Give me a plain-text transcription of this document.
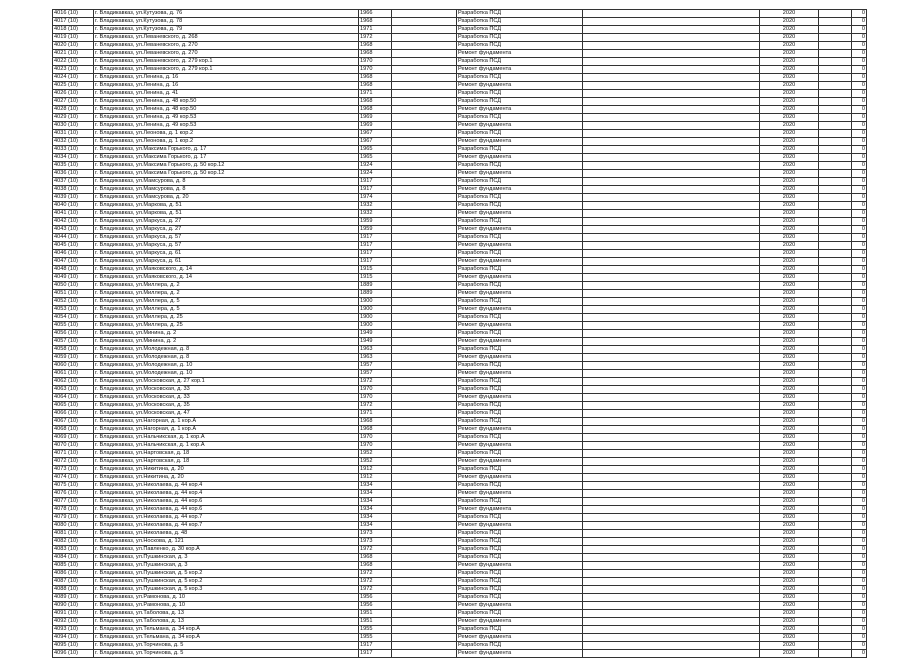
4016 (10)	г. Владикавказ, ул.Кутузова, д. 76	1966		Разработка ПСД		2020		0
4017 (10)	г. Владикавказ, ул.Кутузова, д. 78	1968		Разработка ПСД		2020		0
4018 (10)	г. Владикавказ, ул.Кутузова, д. 79	1971		Разработка ПСД		2020		0
4019 (10)	г. Владикавказ, ул.Леваневского, д. 268	1972		Разработка ПСД		2020		0
4020 (10)	г. Владикавказ, ул.Леваневского, д. 270	1968		Разработка ПСД		2020		0
4021 (10)	г. Владикавказ, ул.Леваневского, д. 270	1968		Ремонт фундамента		2020		0
4022 (10)	г. Владикавказ, ул.Леваневского, д. 279 кор.1	1970		Разработка ПСД		2020		0
4023 (10)	г. Владикавказ, ул.Леваневского, д. 279 кор.1	1970		Ремонт фундамента		2020		0
4024 (10)	г. Владикавказ, ул.Ленина, д. 16	1968		Разработка ПСД		2020		0
4025 (10)	г. Владикавказ, ул.Ленина, д. 16	1968		Ремонт фундамента		2020		0
4026 (10)	г. Владикавказ, ул.Ленина, д. 41	1971		Разработка ПСД		2020		0
4027 (10)	г. Владикавказ, ул.Ленина, д. 48 кор.50	1968		Разработка ПСД		2020		0
4028 (10)	г. Владикавказ, ул.Ленина, д. 48 кор.50	1968		Ремонт фундамента		2020		0
4029 (10)	г. Владикавказ, ул.Ленина, д. 49 кор.53	1969		Разработка ПСД		2020		0
4030 (10)	г. Владикавказ, ул.Ленина, д. 49 кор.53	1969		Ремонт фундамента		2020		0
4031 (10)	г. Владикавказ, ул.Леонова, д. 1 кор.2	1967		Разработка ПСД		2020		0
4032 (10)	г. Владикавказ, ул.Леонова, д. 1 кор.2	1967		Ремонт фундамента		2020		0
4033 (10)	г. Владикавказ, ул.Максима Горького, д. 17	1965		Разработка ПСД		2020		0
4034 (10)	г. Владикавказ, ул.Максима Горького, д. 17	1965		Ремонт фундамента		2020		0
4035 (10)	г. Владикавказ, ул.Максима Горького, д. 50 кор.12	1924		Разработка ПСД		2020		0
4036 (10)	г. Владикавказ, ул.Максима Горького, д. 50 кор.12	1924		Ремонт фундамента		2020		0
4037 (10)	г. Владикавказ, ул.Мамсурова, д. 8	1917		Разработка ПСД		2020		0
4038 (10)	г. Владикавказ, ул.Мамсурова, д. 8	1917		Ремонт фундамента		2020		0
4039 (10)	г. Владикавказ, ул.Мамсурова, д. 20	1974		Разработка ПСД		2020		0
4040 (10)	г. Владикавказ, ул.Маркова, д. 51	1932		Разработка ПСД		2020		0
4041 (10)	г. Владикавказ, ул.Маркова, д. 51	1932		Ремонт фундамента		2020		0
4042 (10)	г. Владикавказ, ул.Маркуса, д. 27	1959		Разработка ПСД		2020		0
4043 (10)	г. Владикавказ, ул.Маркуса, д. 27	1959		Ремонт фундамента		2020		0
4044 (10)	г. Владикавказ, ул.Маркуса, д. 57	1917		Разработка ПСД		2020		0
4045 (10)	г. Владикавказ, ул.Маркуса, д. 57	1917		Ремонт фундамента		2020		0
4046 (10)	г. Владикавказ, ул.Маркуса, д. 61	1917		Разработка ПСД		2020		0
4047 (10)	г. Владикавказ, ул.Маркуса, д. 61	1917		Ремонт фундамента		2020		0
4048 (10)	г. Владикавказ, ул.Маяковского, д. 14	1915		Разработка ПСД		2020		0
4049 (10)	г. Владикавказ, ул.Маяковского, д. 14	1915		Ремонт фундамента		2020		0
4050 (10)	г. Владикавказ, ул.Миллера, д. 2	1889		Разработка ПСД		2020		0
4051 (10)	г. Владикавказ, ул.Миллера, д. 2	1889		Ремонт фундамента		2020		0
4052 (10)	г. Владикавказ, ул.Миллера, д. 5	1900		Разработка ПСД		2020		0
4053 (10)	г. Владикавказ, ул.Миллера, д. 5	1900		Ремонт фундамента		2020		0
4054 (10)	г. Владикавказ, ул.Миллера, д. 25	1900		Разработка ПСД		2020		0
4055 (10)	г. Владикавказ, ул.Миллера, д. 25	1900		Ремонт фундамента		2020		0
4056 (10)	г. Владикавказ, ул.Минина, д. 2	1949		Разработка ПСД		2020		0
4057 (10)	г. Владикавказ, ул.Минина, д. 2	1949		Ремонт фундамента		2020		0
4058 (10)	г. Владикавказ, ул.Молодежная, д. 8	1963		Разработка ПСД		2020		0
4059 (10)	г. Владикавказ, ул.Молодежная, д. 8	1963		Ремонт фундамента		2020		0
4060 (10)	г. Владикавказ, ул.Молодежная, д. 10	1957		Разработка ПСД		2020		0
4061 (10)	г. Владикавказ, ул.Молодежная, д. 10	1957		Ремонт фундамента		2020		0
4062 (10)	г. Владикавказ, ул.Московская, д. 27 кор.1	1972		Разработка ПСД		2020		0
4063 (10)	г. Владикавказ, ул.Московская, д. 33	1970		Разработка ПСД		2020		0
4064 (10)	г. Владикавказ, ул.Московская, д. 33	1970		Ремонт фундамента		2020		0
4065 (10)	г. Владикавказ, ул.Московская, д. 35	1972		Разработка ПСД		2020		0
4066 (10)	г. Владикавказ, ул.Московская, д. 47	1971		Разработка ПСД		2020		0
4067 (10)	г. Владикавказ, ул.Нагорная, д. 1 кор.А	1968		Разработка ПСД		2020		0
4068 (10)	г. Владикавказ, ул.Нагорная, д. 1 кор.А	1968		Ремонт фундамента		2020		0
4069 (10)	г. Владикавказ, ул.Нальчикская, д. 1 кор.А	1970		Разработка ПСД		2020		0
4070 (10)	г. Владикавказ, ул.Нальчикская, д. 1 кор.А	1970		Ремонт фундамента		2020		0
4071 (10)	г. Владикавказ, ул.Нартовская, д. 18	1952		Разработка ПСД		2020		0
4072 (10)	г. Владикавказ, ул.Нартовская, д. 18	1952		Ремонт фундамента		2020		0
4073 (10)	г. Владикавказ, ул.Никитина, д. 20	1912		Разработка ПСД		2020		0
4074 (10)	г. Владикавказ, ул.Никитина, д. 20	1912		Ремонт фундамента		2020		0
4075 (10)	г. Владикавказ, ул.Николаева, д. 44 кор.4	1934		Разработка ПСД		2020		0
4076 (10)	г. Владикавказ, ул.Николаева, д. 44 кор.4	1934		Ремонт фундамента		2020		0
4077 (10)	г. Владикавказ, ул.Николаева, д. 44 кор.6	1934		Разработка ПСД		2020		0
4078 (10)	г. Владикавказ, ул.Николаева, д. 44 кор.6	1934		Ремонт фундамента		2020		0
4079 (10)	г. Владикавказ, ул.Николаева, д. 44 кор.7	1934		Разработка ПСД		2020		0
4080 (10)	г. Владикавказ, ул.Николаева, д. 44 кор.7	1934		Ремонт фундамента		2020		0
4081 (10)	г. Владикавказ, ул.Николаева, д. 48	1973		Разработка ПСД		2020		0
4082 (10)	г. Владикавказ, ул.Носкова, д. 121	1973		Разработка ПСД		2020		0
4083 (10)	г. Владикавказ, ул.Павленко, д. 30 кор.А	1972		Разработка ПСД		2020		0
4084 (10)	г. Владикавказ, ул.Пушкинская, д. 3	1968		Разработка ПСД		2020		0
4085 (10)	г. Владикавказ, ул.Пушкинская, д. 3	1968		Ремонт фундамента		2020		0
4086 (10)	г. Владикавказ, ул.Пушкинская, д. 5 кор.2	1972		Разработка ПСД		2020		0
4087 (10)	г. Владикавказ, ул.Пушкинская, д. 5 кор.2	1972		Разработка ПСД		2020		0
4088 (10)	г. Владикавказ, ул.Пушкинская, д. 5 кор.3	1972		Разработка ПСД		2020		0
4089 (10)	г. Владикавказ, ул.Рамонова, д. 10	1956		Разработка ПСД		2020		0
4090 (10)	г. Владикавказ, ул.Рамонова, д. 10	1956		Ремонт фундамента		2020		0
4091 (10)	г. Владикавказ, ул.Таболова, д. 13	1951		Разработка ПСД		2020		0
4092 (10)	г. Владикавказ, ул.Таболова, д. 13	1951		Ремонт фундамента		2020		0
4093 (10)	г. Владикавказ, ул.Тельмана, д. 34 кор.А	1955		Разработка ПСД		2020		0
4094 (10)	г. Владикавказ, ул.Тельмана, д. 34 кор.А	1955		Ремонт фундамента		2020		0
4095 (10)	г. Владикавказ, ул.Торчинова, д. 5	1917		Разработка ПСД		2020		0
4096 (10)	г. Владикавказ, ул.Торчинова, д. 5	1917		Ремонт фундамента		2020		0
